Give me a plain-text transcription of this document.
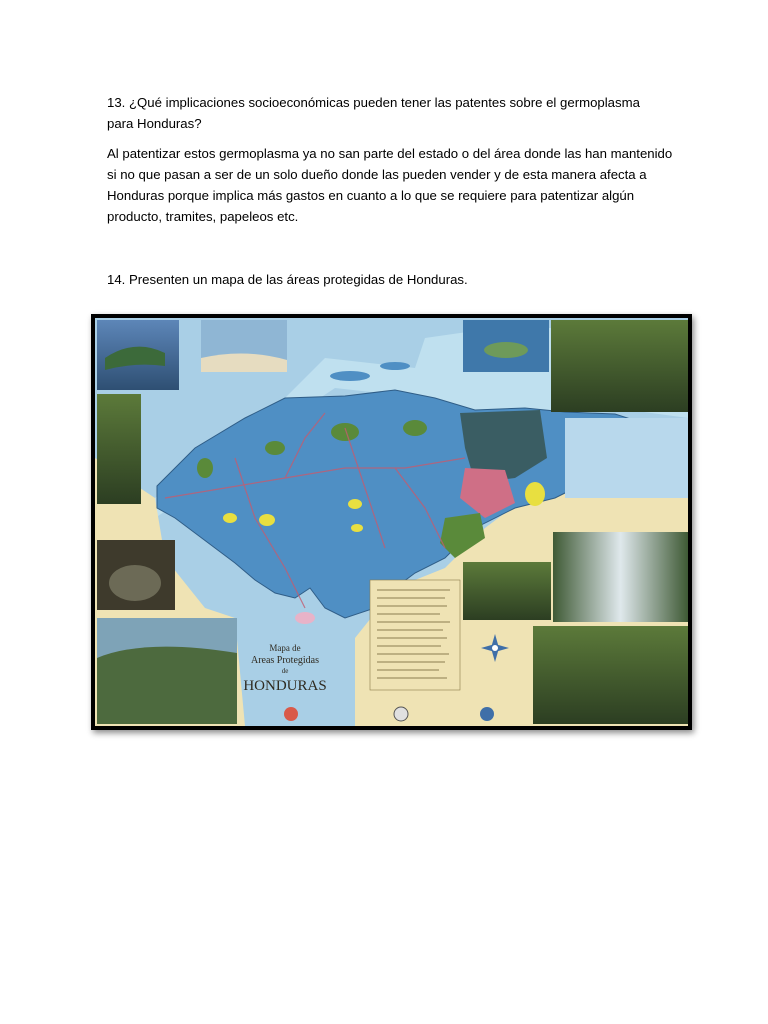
13. ¿Qué implicaciones socioeconómicas pueden tener las patentes sobre el germoplasma para Honduras?

Al patentizar estos germoplasma ya no san parte del estado o del área donde las han mantenido si no que pasan a ser de un solo dueño donde las pueden vender y de esta manera afecta a Honduras porque implica más gastos en cuanto a lo que se requiere para patentizar algún producto, tramites, papeleos etc.

14. Presenten un mapa de las áreas protegidas de Honduras.

Mapa de
Areas Protegidas
de
HONDURAS
